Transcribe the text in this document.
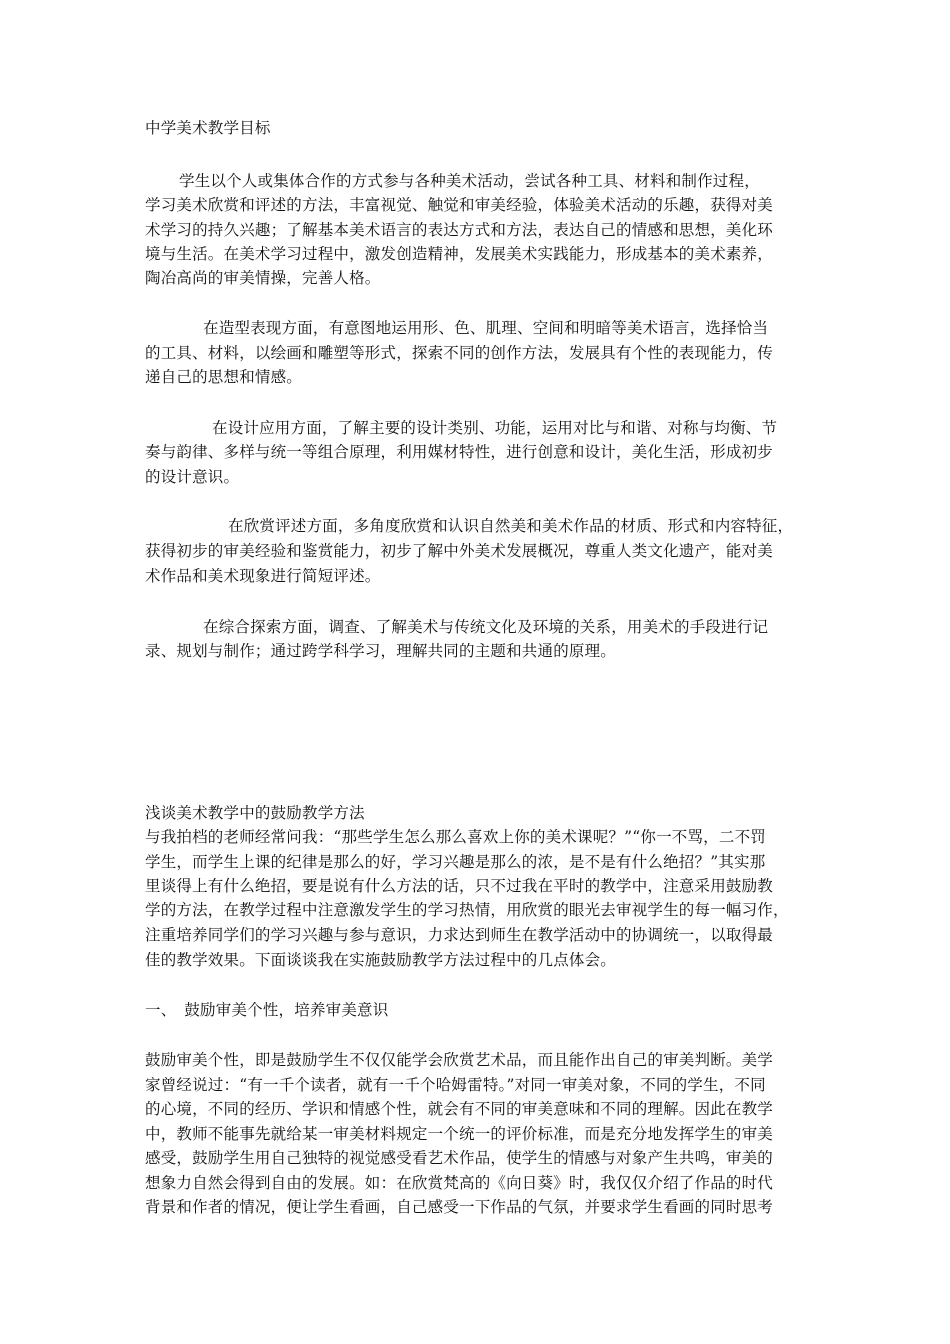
中学美术教学目标
学生以个人或集体合作的方式参与各种美术活动，尝试各种工具、材料和制作过程，
学习美术欣赏和评述的方法，丰富视觉、触觉和审美经验，体验美术活动的乐趣，获得对美
术学习的持久兴趣；了解基本美术语言的表达方式和方法，表达自己的情感和思想，美化环
境与生活。在美术学习过程中，激发创造精神，发展美术实践能力，形成基本的美术素养，
陶冶高尚的审美情操，完善人格。
在造型表现方面，有意图地运用形、色、肌理、空间和明暗等美术语言，选择恰当
的工具、材料，以绘画和雕塑等形式，探索不同的创作方法，发展具有个性的表现能力，传
递自己的思想和情感。
在设计应用方面，了解主要的设计类别、功能，运用对比与和谐、对称与均衡、节
奏与韵律、多样与统一等组合原理，利用媒材特性，进行创意和设计，美化生活，形成初步
的设计意识。
在欣赏评述方面，多角度欣赏和认识自然美和美术作品的材质、形式和内容特征，
获得初步的审美经验和鉴赏能力，初步了解中外美术发展概况，尊重人类文化遗产，能对美
术作品和美术现象进行简短评述。
在综合探索方面，调查、了解美术与传统文化及环境的关系，用美术的手段进行记
录、规划与制作；通过跨学科学习，理解共同的主题和共通的原理。
浅谈美术教学中的鼓励教学方法
与我拍档的老师经常问我：“那些学生怎么那么喜欢上你的美术课呢？”“你一不骂，二不罚
学生，而学生上课的纪律是那么的好，学习兴趣是那么的浓，是不是有什么绝招？”其实那
里谈得上有什么绝招，要是说有什么方法的话，只不过我在平时的教学中，注意采用鼓励教
学的方法，在教学过程中注意激发学生的学习热情，用欣赏的眼光去审视学生的每一幅习作，
注重培养同学们的学习兴趣与参与意识，力求达到师生在教学活动中的协调统一，以取得最
佳的教学效果。下面谈谈我在实施鼓励教学方法过程中的几点体会。
一、　鼓励审美个性，培养审美意识
鼓励审美个性，即是鼓励学生不仅仅能学会欣赏艺术品，而且能作出自己的审美判断。美学
家曾经说过：“有一千个读者，就有一千个哈姆雷特。”对同一审美对象，不同的学生，不同
的心境，不同的经历、学识和情感个性，就会有不同的审美意味和不同的理解。因此在教学
中，教师不能事先就给某一审美材料规定一个统一的评价标准，而是充分地发挥学生的审美
感受，鼓励学生用自己独特的视觉感受看艺术作品，使学生的情感与对象产生共鸣，审美的
想象力自然会得到自由的发展。如：在欣赏梵高的《向日葵》时，我仅仅介绍了作品的时代
背景和作者的情况，便让学生看画，自己感受一下作品的气氛，并要求学生看画的同时思考
